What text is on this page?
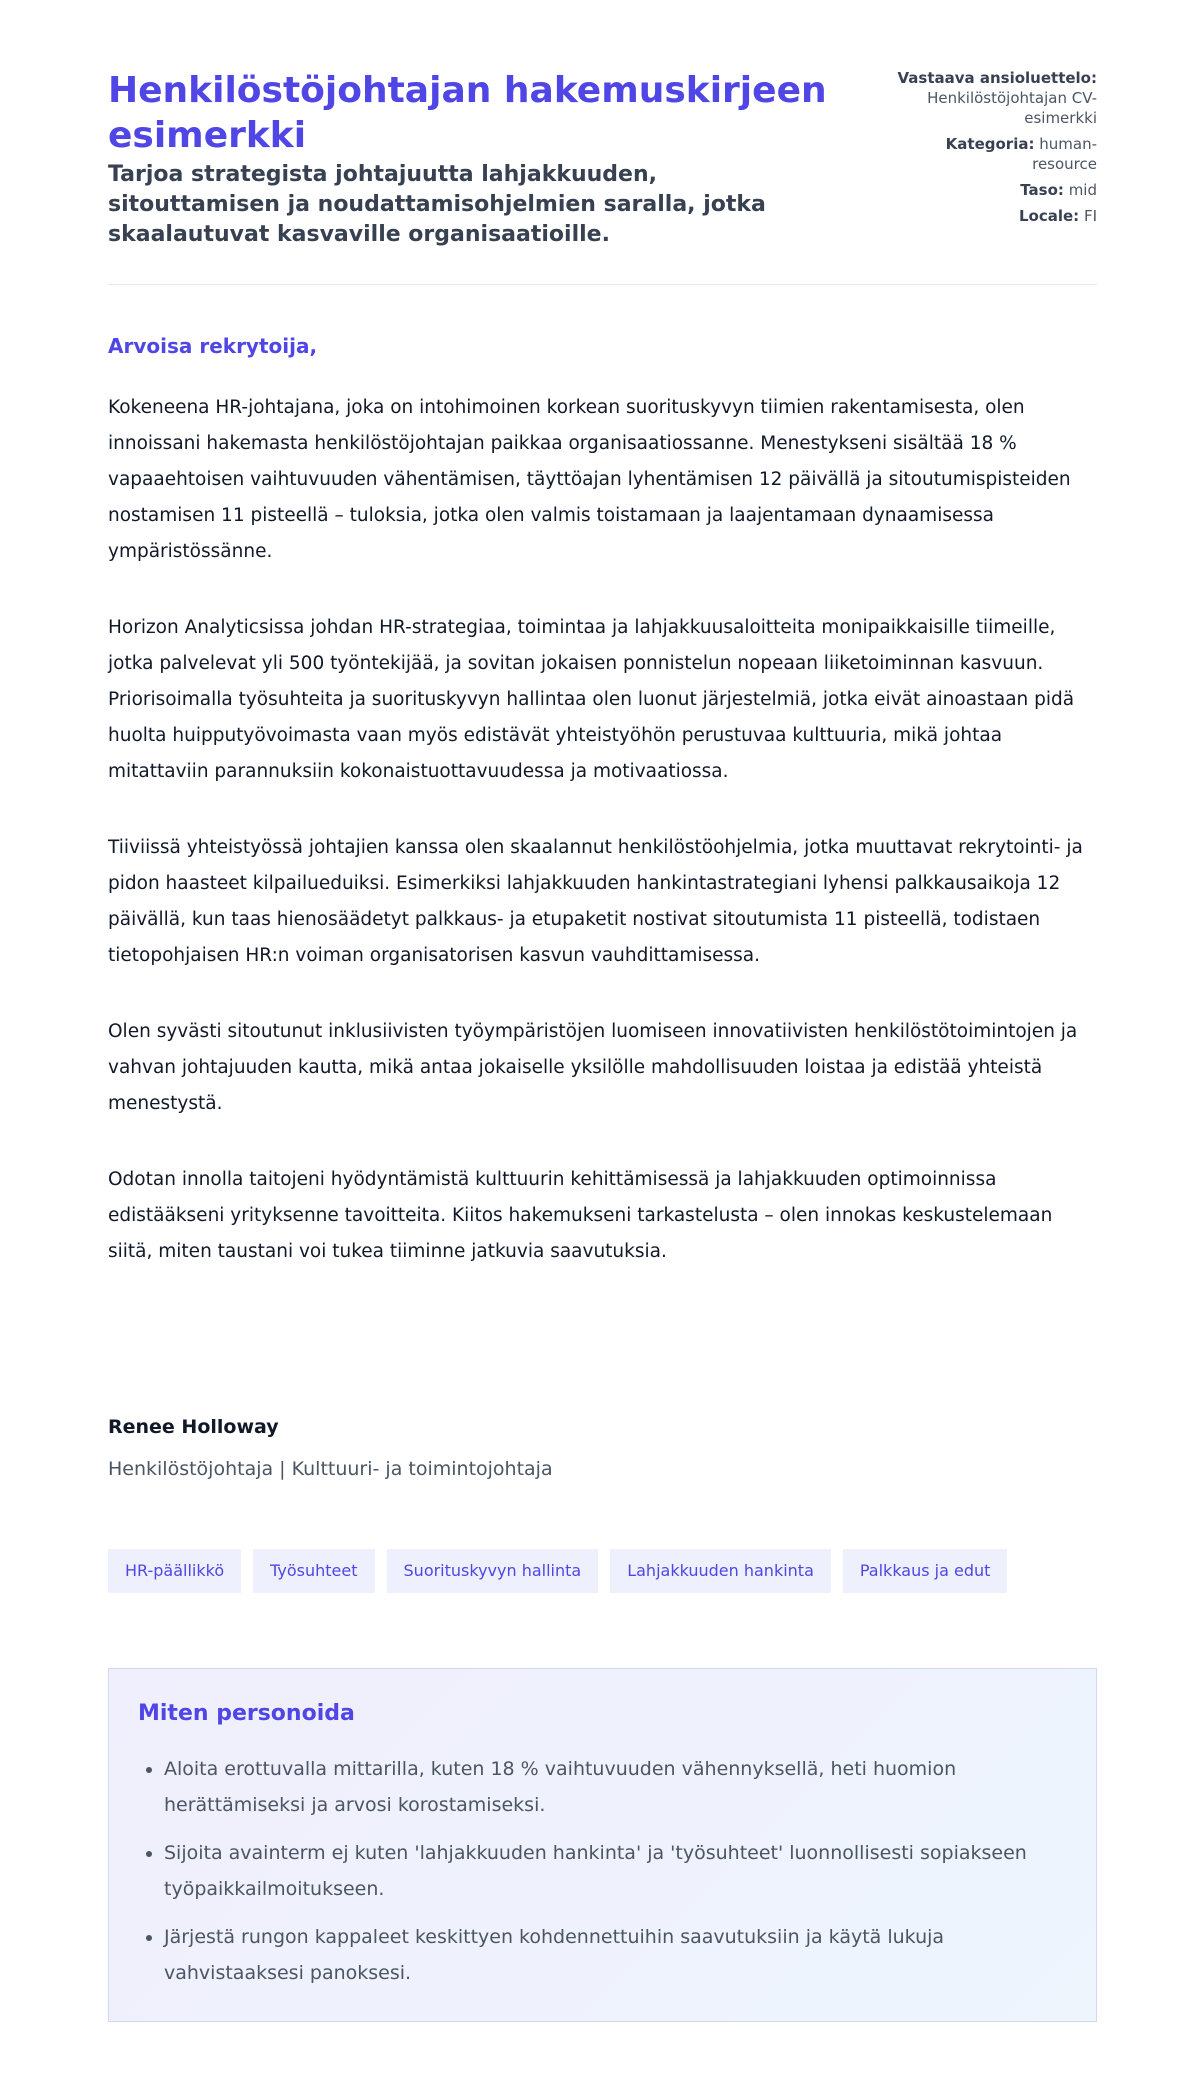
Henkilöstöjohtajan hakemuskirjeen esimerkki
Tarjoa strategista johtajuutta lahjakkuuden, sitouttamisen ja noudattamisohjelmien saralla, jotka skaalautuvat kasvaville organisaatioille.
Vastaava ansioluettelo: Henkilöstöjohtajan CV-esimerkki
Kategoria: human-resource
Taso: mid
Locale: FI
Arvoisa rekrytoija,

Kokeneena HR-johtajana, joka on intohimoinen korkean suorituskyvyn tiimien rakentamisesta, olen innoissani hakemasta henkilöstöjohtajan paikkaa organisaatiossanne. Menestykseni sisältää 18 % vapaaehtoisen vaihtuvuuden vähentämisen, täyttöajan lyhentämisen 12 päivällä ja sitoutumispisteiden nostamisen 11 pisteellä – tuloksia, jotka olen valmis toistamaan ja laajentamaan dynaamisessa ympäristössänne.

Horizon Analyticsissa johdan HR-strategiaa, toimintaa ja lahjakkuusaloitteita monipaikkaisille tiimeille, jotka palvelevat yli 500 työntekijää, ja sovitan jokaisen ponnistelun nopeaan liiketoiminnan kasvuun. Priorisoimalla työsuhteita ja suorituskyvyn hallintaa olen luonut järjestelmiä, jotka eivät ainoastaan pidä huolta huipputyövoimasta vaan myös edistävät yhteistyöhön perustuvaa kulttuuria, mikä johtaa mitattaviin parannuksiin kokonaistuottavuudessa ja motivaatiossa.

Tiiviissä yhteistyössä johtajien kanssa olen skaalannut henkilöstöohjelmia, jotka muuttavat rekrytointi- ja pidon haasteet kilpailueduiksi. Esimerkiksi lahjakkuuden hankintastrategiani lyhensi palkkausaikoja 12 päivällä, kun taas hienosäädetyt palkkaus- ja etupaketit nostivat sitoutumista 11 pisteellä, todistaen tietopohjaisen HR:n voiman organisatorisen kasvun vauhdittamisessa.

Olen syvästi sitoutunut inklusiivisten työympäristöjen luomiseen innovatiivisten henkilöstötoimintojen ja vahvan johtajuuden kautta, mikä antaa jokaiselle yksilölle mahdollisuuden loistaa ja edistää yhteistä menestystä.

Odotan innolla taitojeni hyödyntämistä kulttuurin kehittämisessä ja lahjakkuuden optimoinnissa edistääkseni yrityksenne tavoitteita. Kiitos hakemukseni tarkastelusta – olen innokas keskustelemaan siitä, miten taustani voi tukea tiiminne jatkuvia saavutuksia.

Renee Holloway
Henkilöstöjohtaja | Kulttuuri- ja toimintojohtaja
HR-päällikkö	Työsuhteet	Suorituskyvyn hallinta	Lahjakkuuden hankinta	Palkkaus ja edut
Miten personoida
• Aloita erottuvalla mittarilla, kuten 18 % vaihtuvuuden vähennyksellä, heti huomion herättämiseksi ja arvosi korostamiseksi.
• Sijoita avainterm ej kuten 'lahjakkuuden hankinta' ja 'työsuhteet' luonnollisesti sopiakseen työpaikkailmoitukseen.
• Järjestä rungon kappaleet keskittyen kohdennettuihin saavutuksiin ja käytä lukuja vahvistaaksesi panoksesi.
